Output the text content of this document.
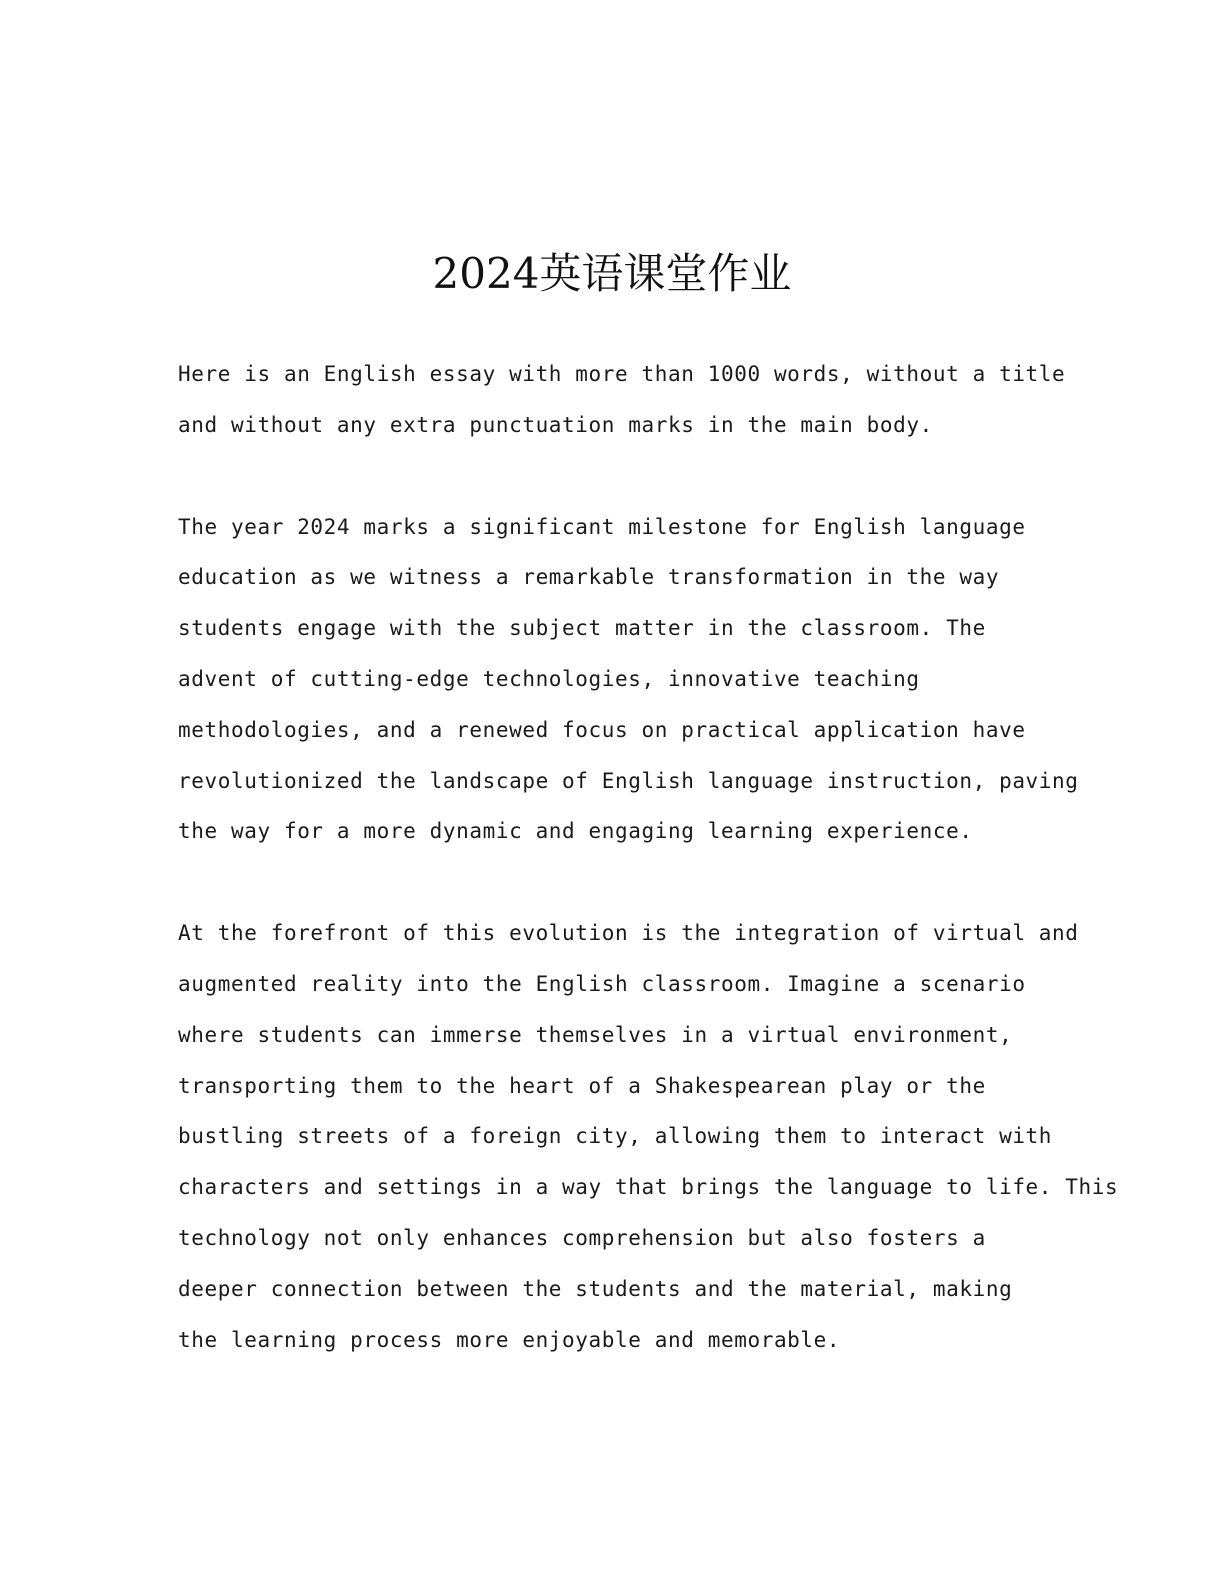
2024英语课堂作业

Here is an English essay with more than 1000 words, without a title
and without any extra punctuation marks in the main body.

The year 2024 marks a significant milestone for English language
education as we witness a remarkable transformation in the way
students engage with the subject matter in the classroom. The
advent of cutting-edge technologies, innovative teaching
methodologies, and a renewed focus on practical application have
revolutionized the landscape of English language instruction, paving
the way for a more dynamic and engaging learning experience.

At the forefront of this evolution is the integration of virtual and
augmented reality into the English classroom. Imagine a scenario
where students can immerse themselves in a virtual environment,
transporting them to the heart of a Shakespearean play or the
bustling streets of a foreign city, allowing them to interact with
characters and settings in a way that brings the language to life. This
technology not only enhances comprehension but also fosters a
deeper connection between the students and the material, making
the learning process more enjoyable and memorable.
